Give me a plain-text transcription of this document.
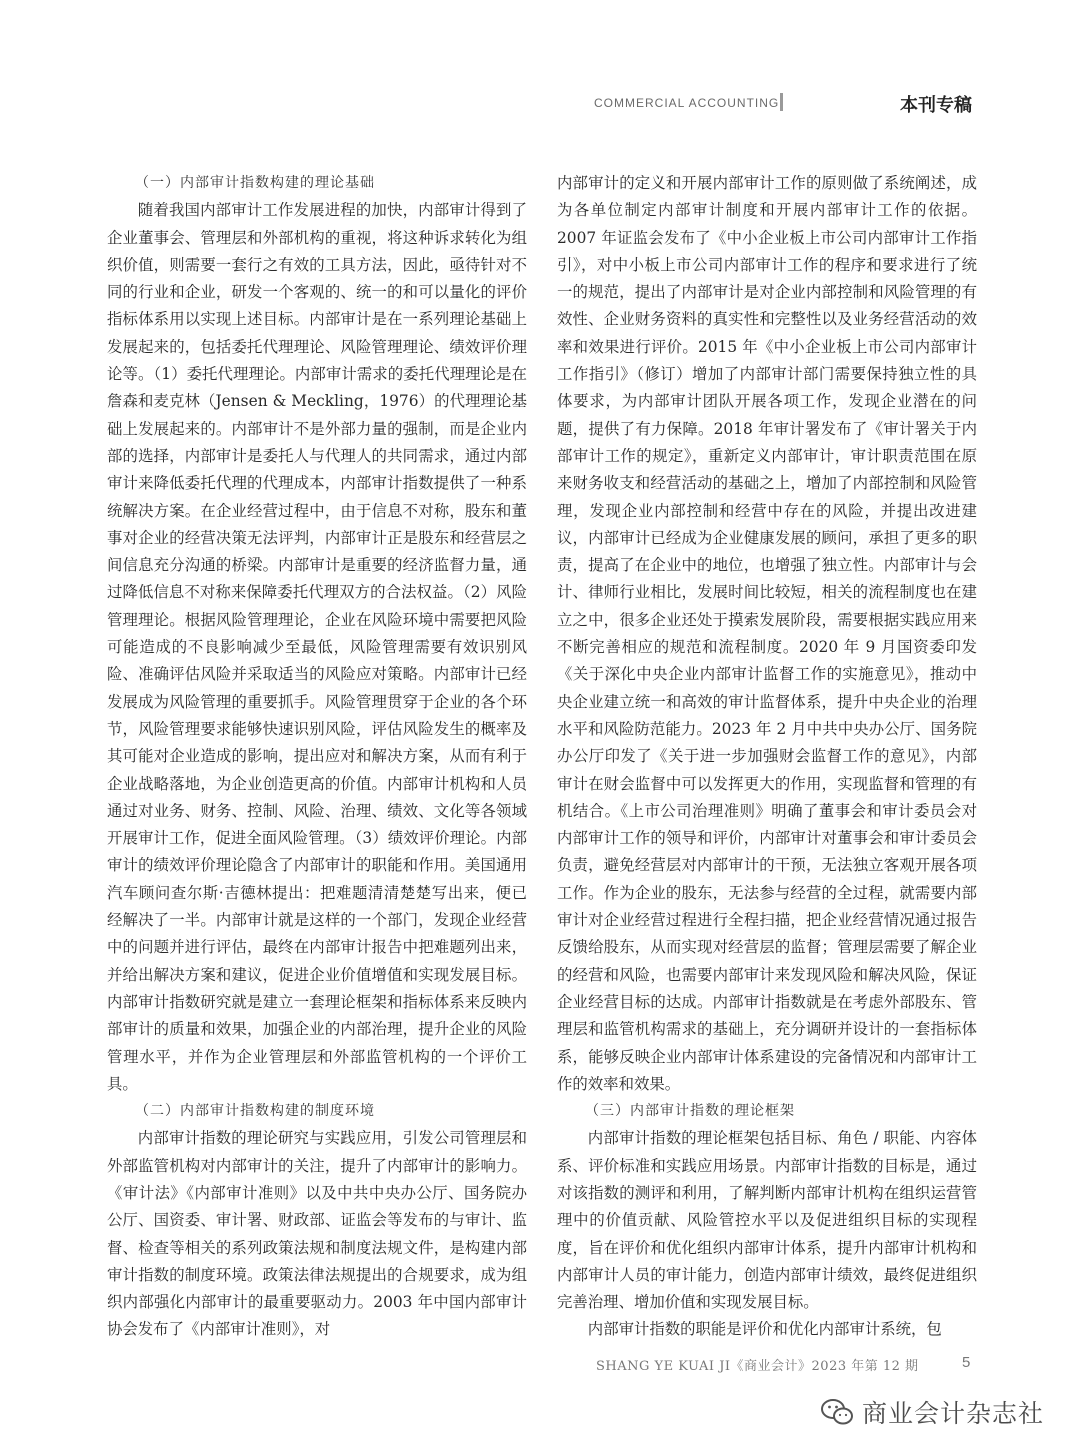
COMMERCIAL ACCOUNTING	本刊专稿

（一）内部审计指数构建的理论基础

随着我国内部审计工作发展进程的加快，内部审计得到了企业董事会、管理层和外部机构的重视，将这种诉求转化为组织价值，则需要一套行之有效的工具方法，因此，亟待针对不同的行业和企业，研发一个客观的、统一的和可以量化的评价指标体系用以实现上述目标。内部审计是在一系列理论基础上发展起来的，包括委托代理理论、风险管理理论、绩效评价理论等。（1）委托代理理论。内部审计需求的委托代理理论是在詹森和麦克林（Jensen & Meckling，1976）的代理理论基础上发展起来的。内部审计不是外部力量的强制，而是企业内部的选择，内部审计是委托人与代理人的共同需求，通过内部审计来降低委托代理的代理成本，内部审计指数提供了一种系统解决方案。在企业经营过程中，由于信息不对称，股东和董事对企业的经营决策无法评判，内部审计正是股东和经营层之间信息充分沟通的桥梁。内部审计是重要的经济监督力量，通过降低信息不对称来保障委托代理双方的合法权益。（2）风险管理理论。根据风险管理理论，企业在风险环境中需要把风险可能造成的不良影响减少至最低，风险管理需要有效识别风险、准确评估风险并采取适当的风险应对策略。内部审计已经发展成为风险管理的重要抓手。风险管理贯穿于企业的各个环节，风险管理要求能够快速识别风险，评估风险发生的概率及其可能对企业造成的影响，提出应对和解决方案，从而有利于企业战略落地，为企业创造更高的价值。内部审计机构和人员通过对业务、财务、控制、风险、治理、绩效、文化等各领域开展审计工作，促进全面风险管理。（3）绩效评价理论。内部审计的绩效评价理论隐含了内部审计的职能和作用。美国通用汽车顾问查尔斯·吉德林提出：把难题清清楚楚写出来，便已经解决了一半。内部审计就是这样的一个部门，发现企业经营中的问题并进行评估，最终在内部审计报告中把难题列出来，并给出解决方案和建议，促进企业价值增值和实现发展目标。内部审计指数研究就是建立一套理论框架和指标体系来反映内部审计的质量和效果，加强企业的内部治理，提升企业的风险管理水平，并作为企业管理层和外部监管机构的一个评价工具。

（二）内部审计指数构建的制度环境

内部审计指数的理论研究与实践应用，引发公司管理层和外部监管机构对内部审计的关注，提升了内部审计的影响力。《审计法》《内部审计准则》以及中共中央办公厅、国务院办公厅、国资委、审计署、财政部、证监会等发布的与审计、监督、检查等相关的系列政策法规和制度法规文件，是构建内部审计指数的制度环境。政策法律法规提出的合规要求，成为组织内部强化内部审计的最重要驱动力。2003 年中国内部审计协会发布了《内部审计准则》，对

内部审计的定义和开展内部审计工作的原则做了系统阐述，成为各单位制定内部审计制度和开展内部审计工作的依据。2007 年证监会发布了《中小企业板上市公司内部审计工作指引》，对中小板上市公司内部审计工作的程序和要求进行了统一的规范，提出了内部审计是对企业内部控制和风险管理的有效性、企业财务资料的真实性和完整性以及业务经营活动的效率和效果进行评价。2015 年《中小企业板上市公司内部审计工作指引》（修订）增加了内部审计部门需要保持独立性的具体要求，为内部审计团队开展各项工作，发现企业潜在的问题，提供了有力保障。2018 年审计署发布了《审计署关于内部审计工作的规定》，重新定义内部审计，审计职责范围在原来财务收支和经营活动的基础之上，增加了内部控制和风险管理，发现企业内部控制和经营中存在的风险，并提出改进建议，内部审计已经成为企业健康发展的顾问，承担了更多的职责，提高了在企业中的地位，也增强了独立性。内部审计与会计、律师行业相比，发展时间比较短，相关的流程制度也在建立之中，很多企业还处于摸索发展阶段，需要根据实践应用来不断完善相应的规范和流程制度。2020 年 9 月国资委印发《关于深化中央企业内部审计监督工作的实施意见》，推动中央企业建立统一和高效的审计监督体系，提升中央企业的治理水平和风险防范能力。2023 年 2 月中共中央办公厅、国务院办公厅印发了《关于进一步加强财会监督工作的意见》，内部审计在财会监督中可以发挥更大的作用，实现监督和管理的有机结合。《上市公司治理准则》明确了董事会和审计委员会对内部审计工作的领导和评价，内部审计对董事会和审计委员会负责，避免经营层对内部审计的干预，无法独立客观开展各项工作。作为企业的股东，无法参与经营的全过程，就需要内部审计对企业经营过程进行全程扫描，把企业经营情况通过报告反馈给股东，从而实现对经营层的监督；管理层需要了解企业的经营和风险，也需要内部审计来发现风险和解决风险，保证企业经营目标的达成。内部审计指数就是在考虑外部股东、管理层和监管机构需求的基础上，充分调研并设计的一套指标体系，能够反映企业内部审计体系建设的完备情况和内部审计工作的效率和效果。

（三）内部审计指数的理论框架

内部审计指数的理论框架包括目标、角色 / 职能、内容体系、评价标准和实践应用场景。内部审计指数的目标是，通过对该指数的测评和利用，了解判断内部审计机构在组织运营管理中的价值贡献、风险管控水平以及促进组织目标的实现程度，旨在评价和优化组织内部审计体系，提升内部审计机构和内部审计人员的审计能力，创造内部审计绩效，最终促进组织完善治理、增加价值和实现发展目标。

内部审计指数的职能是评价和优化内部审计系统，包

SHANG YE KUAI JI《商业会计》2023 年第 12 期	5
商业会计杂志社
